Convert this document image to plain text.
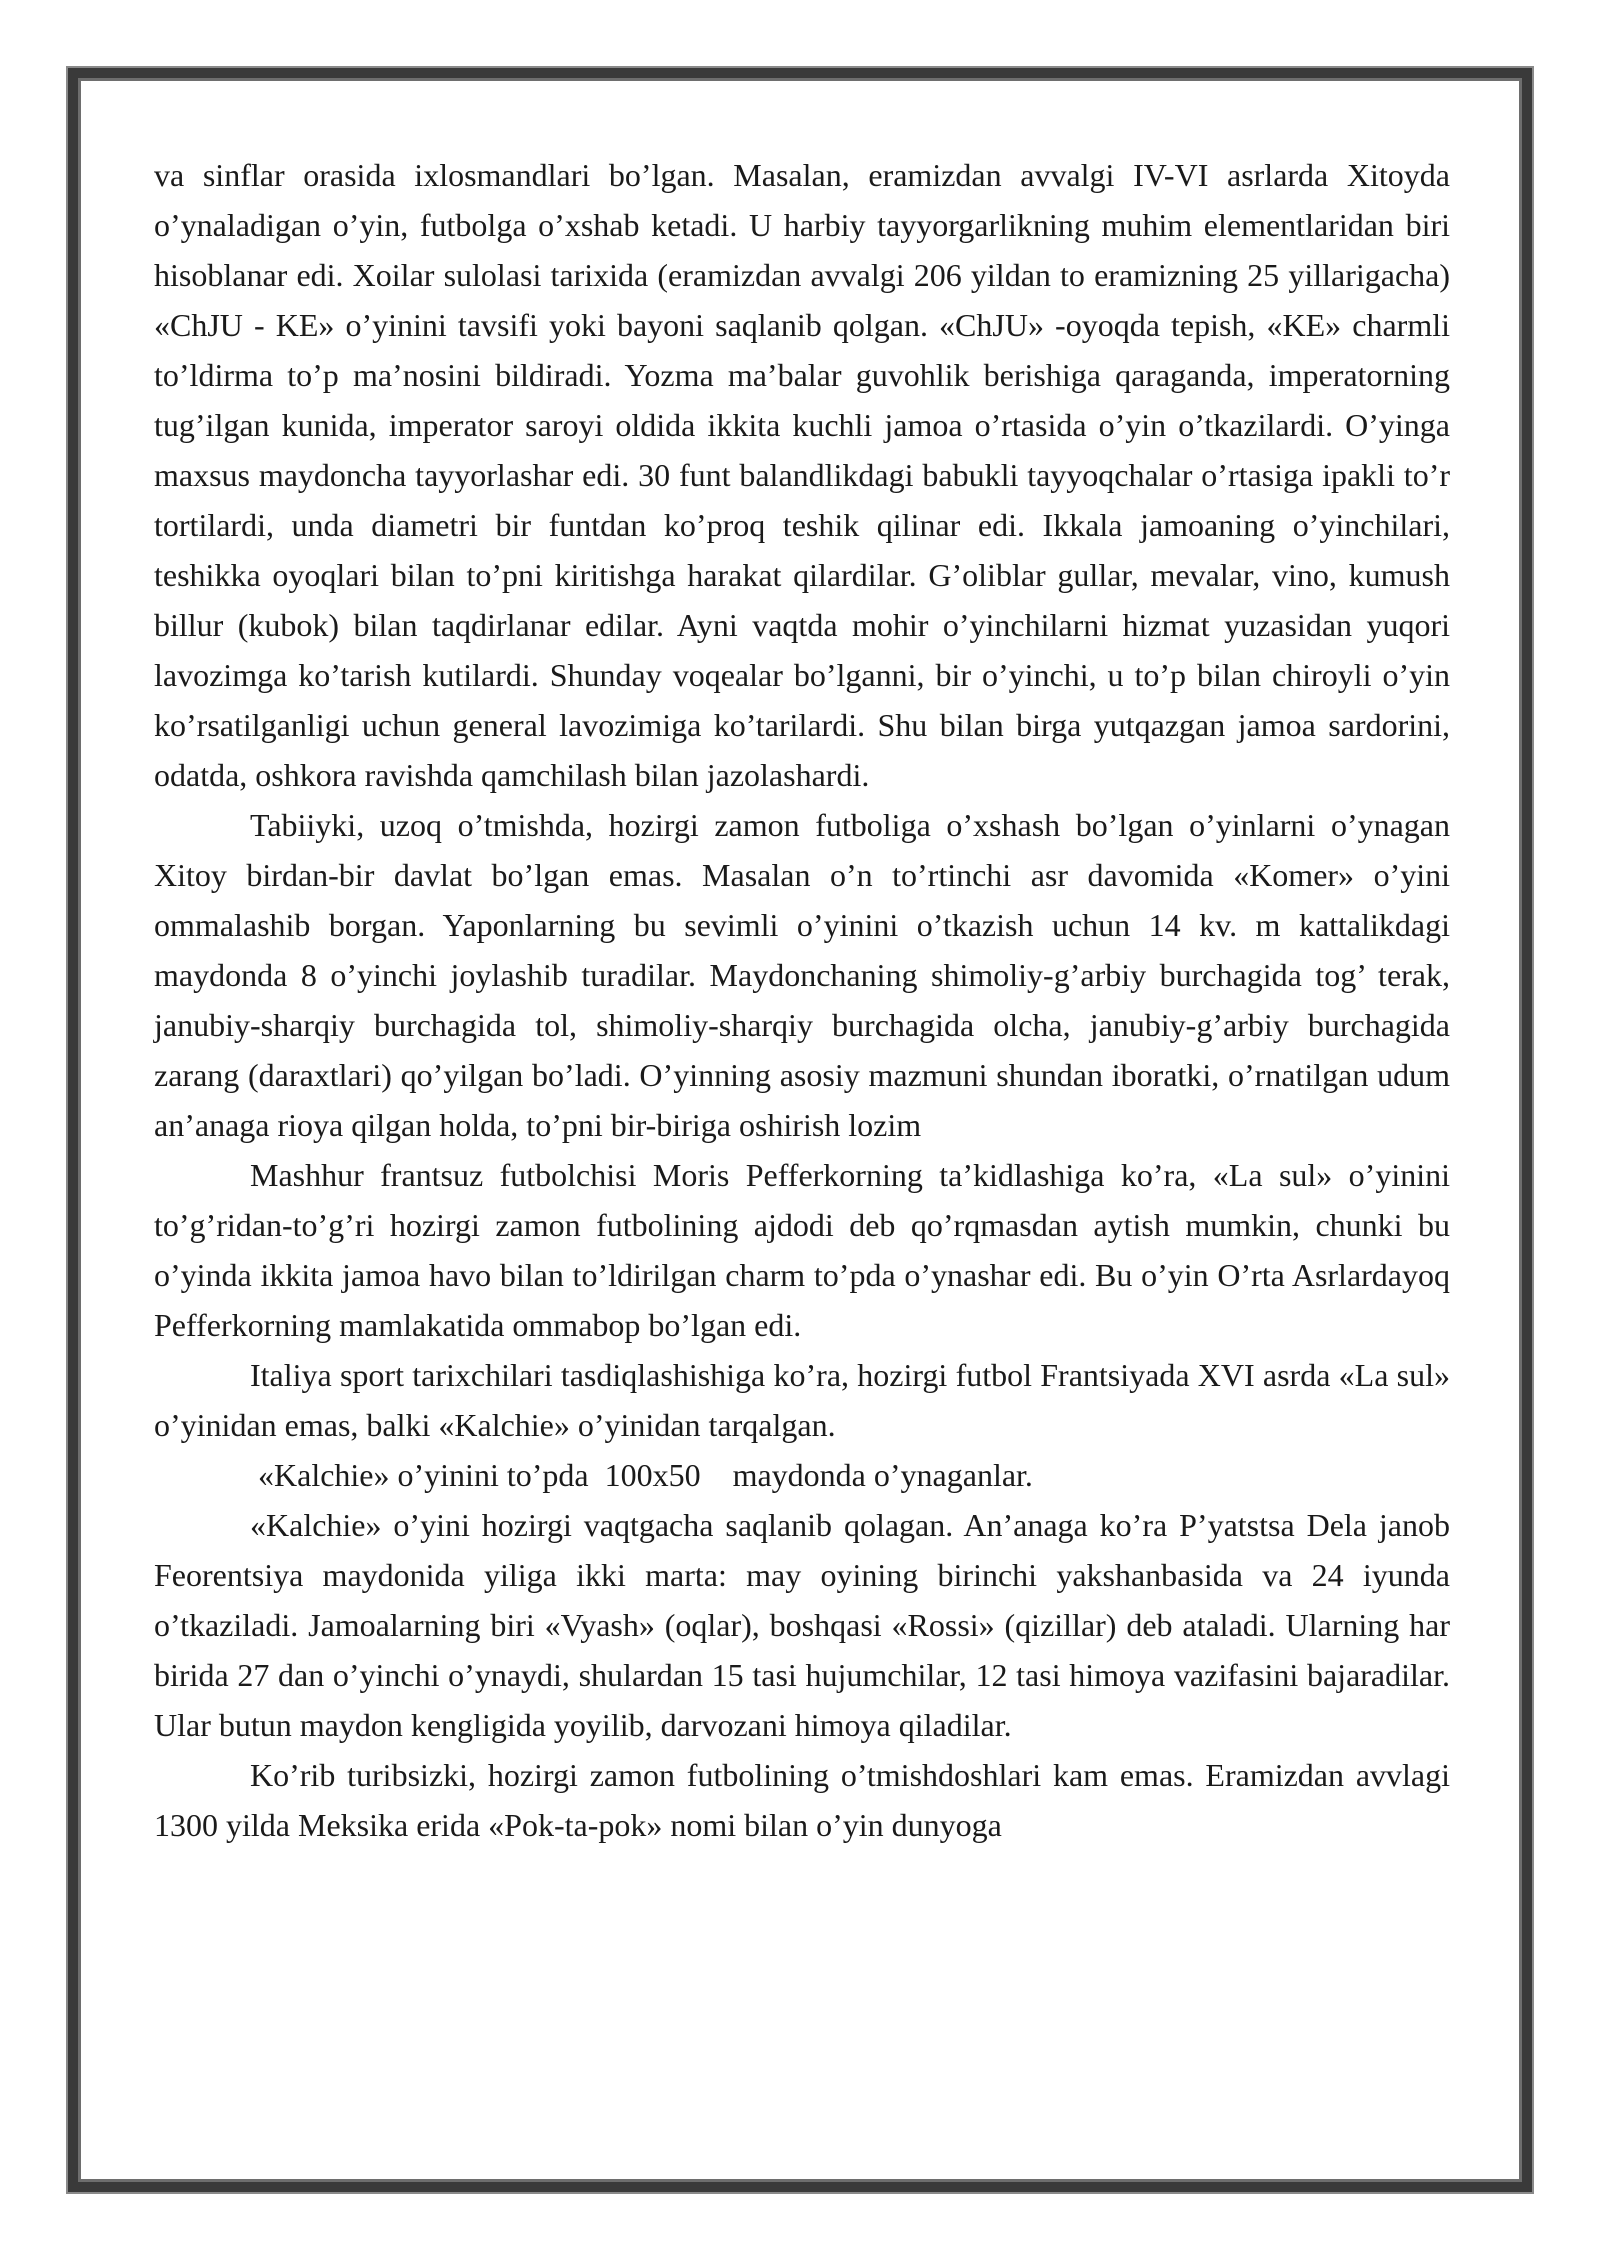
va sinflar orasida ixlosmandlari bo’lgan. Masalan, eramizdan avvalgi IV-VI asrlarda Xitoyda o’ynaladigan o’yin, futbolga o’xshab ketadi. U harbiy tayyorgarlikning muhim elementlaridan biri hisoblanar edi. Xoilar sulolasi tarixida (eramizdan avvalgi 206 yildan to eramizning 25 yillarigacha) «ChJU - KE» o’yinini tavsifi yoki bayoni saqlanib qolgan. «ChJU» -oyoqda tepish, «KE» charmli to’ldirma to’p ma’nosini bildiradi. Yozma ma’balar guvohlik berishiga qaraganda, imperatorning tug’ilgan kunida, imperator saroyi oldida ikkita kuchli jamoa o’rtasida o’yin o’tkazilardi. O’yinga maxsus maydoncha tayyorlashar edi. 30 funt balandlikdagi babukli tayyoqchalar o’rtasiga ipakli to’r tortilardi, unda diametri bir funtdan ko’proq teshik qilinar edi. Ikkala jamoaning o’yinchilari, teshikka oyoqlari bilan to’pni kiritishga harakat qilardilar. G’oliblar gullar, mevalar, vino, kumush billur (kubok) bilan taqdirlanar edilar. Ayni vaqtda mohir o’yinchilarni hizmat yuzasidan yuqori lavozimga ko’tarish kutilardi. Shunday voqealar bo’lganni, bir o’yinchi, u to’p bilan chiroyli o’yin ko’rsatilganligi uchun general lavozimiga ko’tarilardi. Shu bilan birga yutqazgan jamoa sardorini, odatda, oshkora ravishda qamchilash bilan jazolashardi.

Tabiiyki, uzoq o’tmishda, hozirgi zamon futboliga o’xshash bo’lgan o’yinlarni o’ynagan Xitoy birdan-bir davlat bo’lgan emas. Masalan o’n to’rtinchi asr davomida «Komer» o’yini ommalashib borgan. Yaponlarning bu sevimli o’yinini o’tkazish uchun 14 kv. m kattalikdagi maydonda 8 o’yinchi joylashib turadilar. Maydonchaning shimoliy-g’arbiy burchagida tog’ terak, janubiy-sharqiy burchagida tol, shimoliy-sharqiy burchagida olcha, janubiy-g’arbiy burchagida zarang (daraxtlari) qo’yilgan bo’ladi. O’yinning asosiy mazmuni shundan iboratki, o’rnatilgan udum an’anaga rioya qilgan holda, to’pni bir-biriga oshirish lozim

Mashhur frantsuz futbolchisi Moris Pefferkorning ta’kidlashiga ko’ra, «La sul» o’yinini to’g’ridan-to’g’ri hozirgi zamon futbolining ajdodi deb qo’rqmasdan aytish mumkin, chunki bu o’yinda ikkita jamoa havo bilan to’ldirilgan charm to’pda o’ynashar edi. Bu o’yin O’rta Asrlardayoq Pefferkorning mamlakatida ommabop bo’lgan edi.

Italiya sport tarixchilari tasdiqlashishiga ko’ra, hozirgi futbol Frantsiyada XVI asrda «La sul» o’yinidan emas, balki «Kalchie» o’yinidan tarqalgan.

«Kalchie» o’yinini to’pda  100x50    maydonda o’ynaganlar.

«Kalchie» o’yini hozirgi vaqtgacha saqlanib qolagan. An’anaga ko’ra P’yatstsa Dela janob Feorentsiya maydonida yiliga ikki marta: may oyining birinchi yakshanbasida va 24 iyunda o’tkaziladi. Jamoalarning biri «Vyash» (oqlar), boshqasi «Rossi» (qizillar) deb ataladi. Ularning har birida 27 dan o’yinchi o’ynaydi, shulardan 15 tasi hujumchilar, 12 tasi himoya vazifasini bajaradilar. Ular butun maydon kengligida yoyilib, darvozani himoya qiladilar.

Ko’rib turibsizki, hozirgi zamon futbolining o’tmishdoshlari kam emas. Eramizdan avvlagi 1300 yilda Meksika erida «Pok-ta-pok» nomi bilan o’yin dunyoga
